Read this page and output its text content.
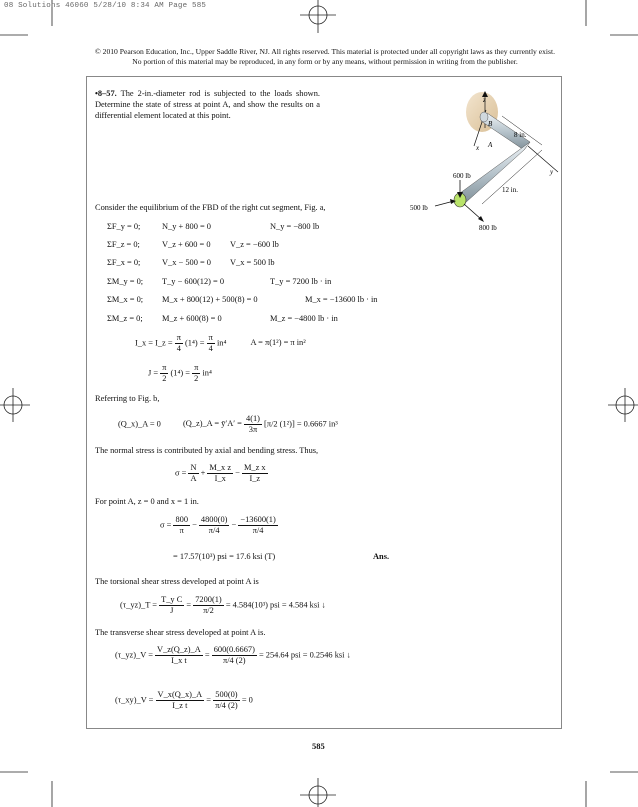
08 Solutions 46060 5/28/10 8:34 AM Page 585
© 2010 Pearson Education, Inc., Upper Saddle River, NJ. All rights reserved. This material is protected under all copyright laws as they currently exist. No portion of this material may be reproduced, in any form or by any means, without permission in writing from the publisher.
•8–57. The 2-in.-diameter rod is subjected to the loads shown. Determine the state of stress at point A, and show the results on a differential element located at this point.
z
B
x A
8 in.
y
12 in.
600 lb
500 lb
800 lb
Consider the equilibrium of the FBD of the right cut segment, Fig. a,
ΣF_y = 0;	N_y + 800 = 0	N_y = −800 lb
ΣF_z = 0;	V_z + 600 = 0 V_z = −600 lb
ΣF_x = 0;	V_x − 500 = 0 V_x = 500 lb
ΣM_y = 0; T_y − 600(12) = 0	T_y = 7200 lb · in
ΣM_x = 0; M_x + 800(12) + 500(8) = 0	M_x = −13600 lb · in
ΣM_z = 0; M_z + 600(8) = 0	M_z = −4800 lb · in
I_x = I_z = $\frac{\pi}{4} (1^4) = \frac{\pi}{4} in^4$	A = π(1²) = π in²
$J = \frac{\pi}{2} (1^4) = \frac{\pi}{2} in^4$
Referring to Fig. b,
(Q_x)_A = 0	(Q_z)_A = ȳ′A′ = $\frac{4(1)}{3\pi} [\pi/2$ (1²)] = 0.6667 in³
The normal stress is contributed by axial and bending stress. Thus,
$\sigma = \frac{N}{A} + \frac{\text{M\_x z}}{I\_x} - \frac{\text{M\_z x}}{I\_z}$
For point A, z = 0 and x = 1 in.
$\sigma = \frac{800}{\pi} - \frac{4800(0)}{\pi/4} - \frac{-13600(1)}{\pi/4}$
= 17.57(10³) psi = 17.6 ksi (T)	Ans.
The torsional shear stress developed at point A is
(τ_yz)_T = $\frac{\text{T\_y C}}{J} = \frac{7200(1)}{\pi/2} = 4.584(10^3)$ psi = 4.584 ksi ↓
The transverse shear stress developed at point A is.
(τ_yz)_V = $\frac{V\_z(Q\_z)\_A}{\text{I\_x t}} = \frac{600(0.6667)}{\pi/4 (2)} = 254.64$ psi = 0.2546 ksi ↓
(τ_xy)_V = $\frac{V\_x(Q\_x)\_A}{\text{I\_z t}} = \frac{500(0)}{\pi/4 (2)} = 0$
585
